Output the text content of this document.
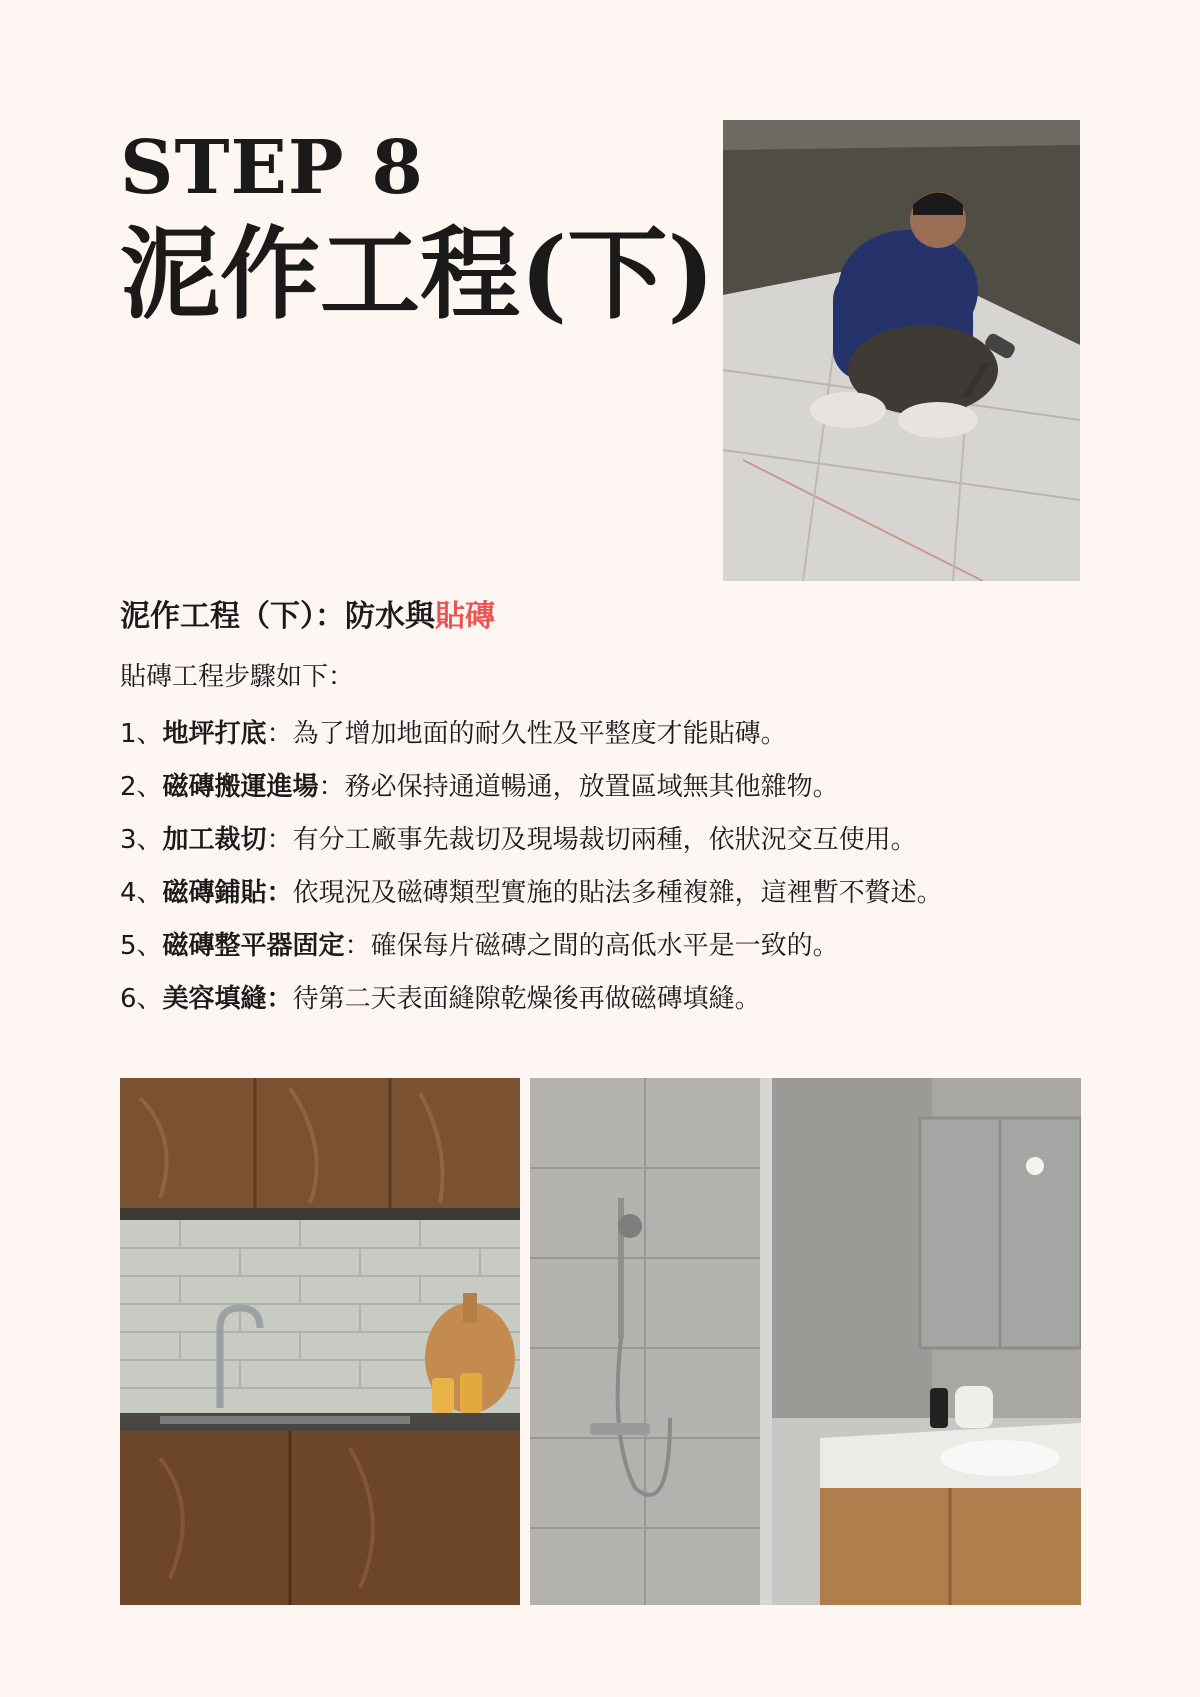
STEP 8
泥作工程(下)
泥作工程（下）：防水與貼磚

貼磚工程步驟如下：

1、地坪打底：為了增加地面的耐久性及平整度才能貼磚。
2、磁磚搬運進場：務必保持通道暢通，放置區域無其他雜物。
3、加工裁切：有分工廠事先裁切及現場裁切兩種，依狀況交互使用。
4、磁磚鋪貼：依現況及磁磚類型實施的貼法多種複雜，這裡暫不贅述。
5、磁磚整平器固定：確保每片磁磚之間的高低水平是一致的。
6、美容填縫：待第二天表面縫隙乾燥後再做磁磚填縫。
